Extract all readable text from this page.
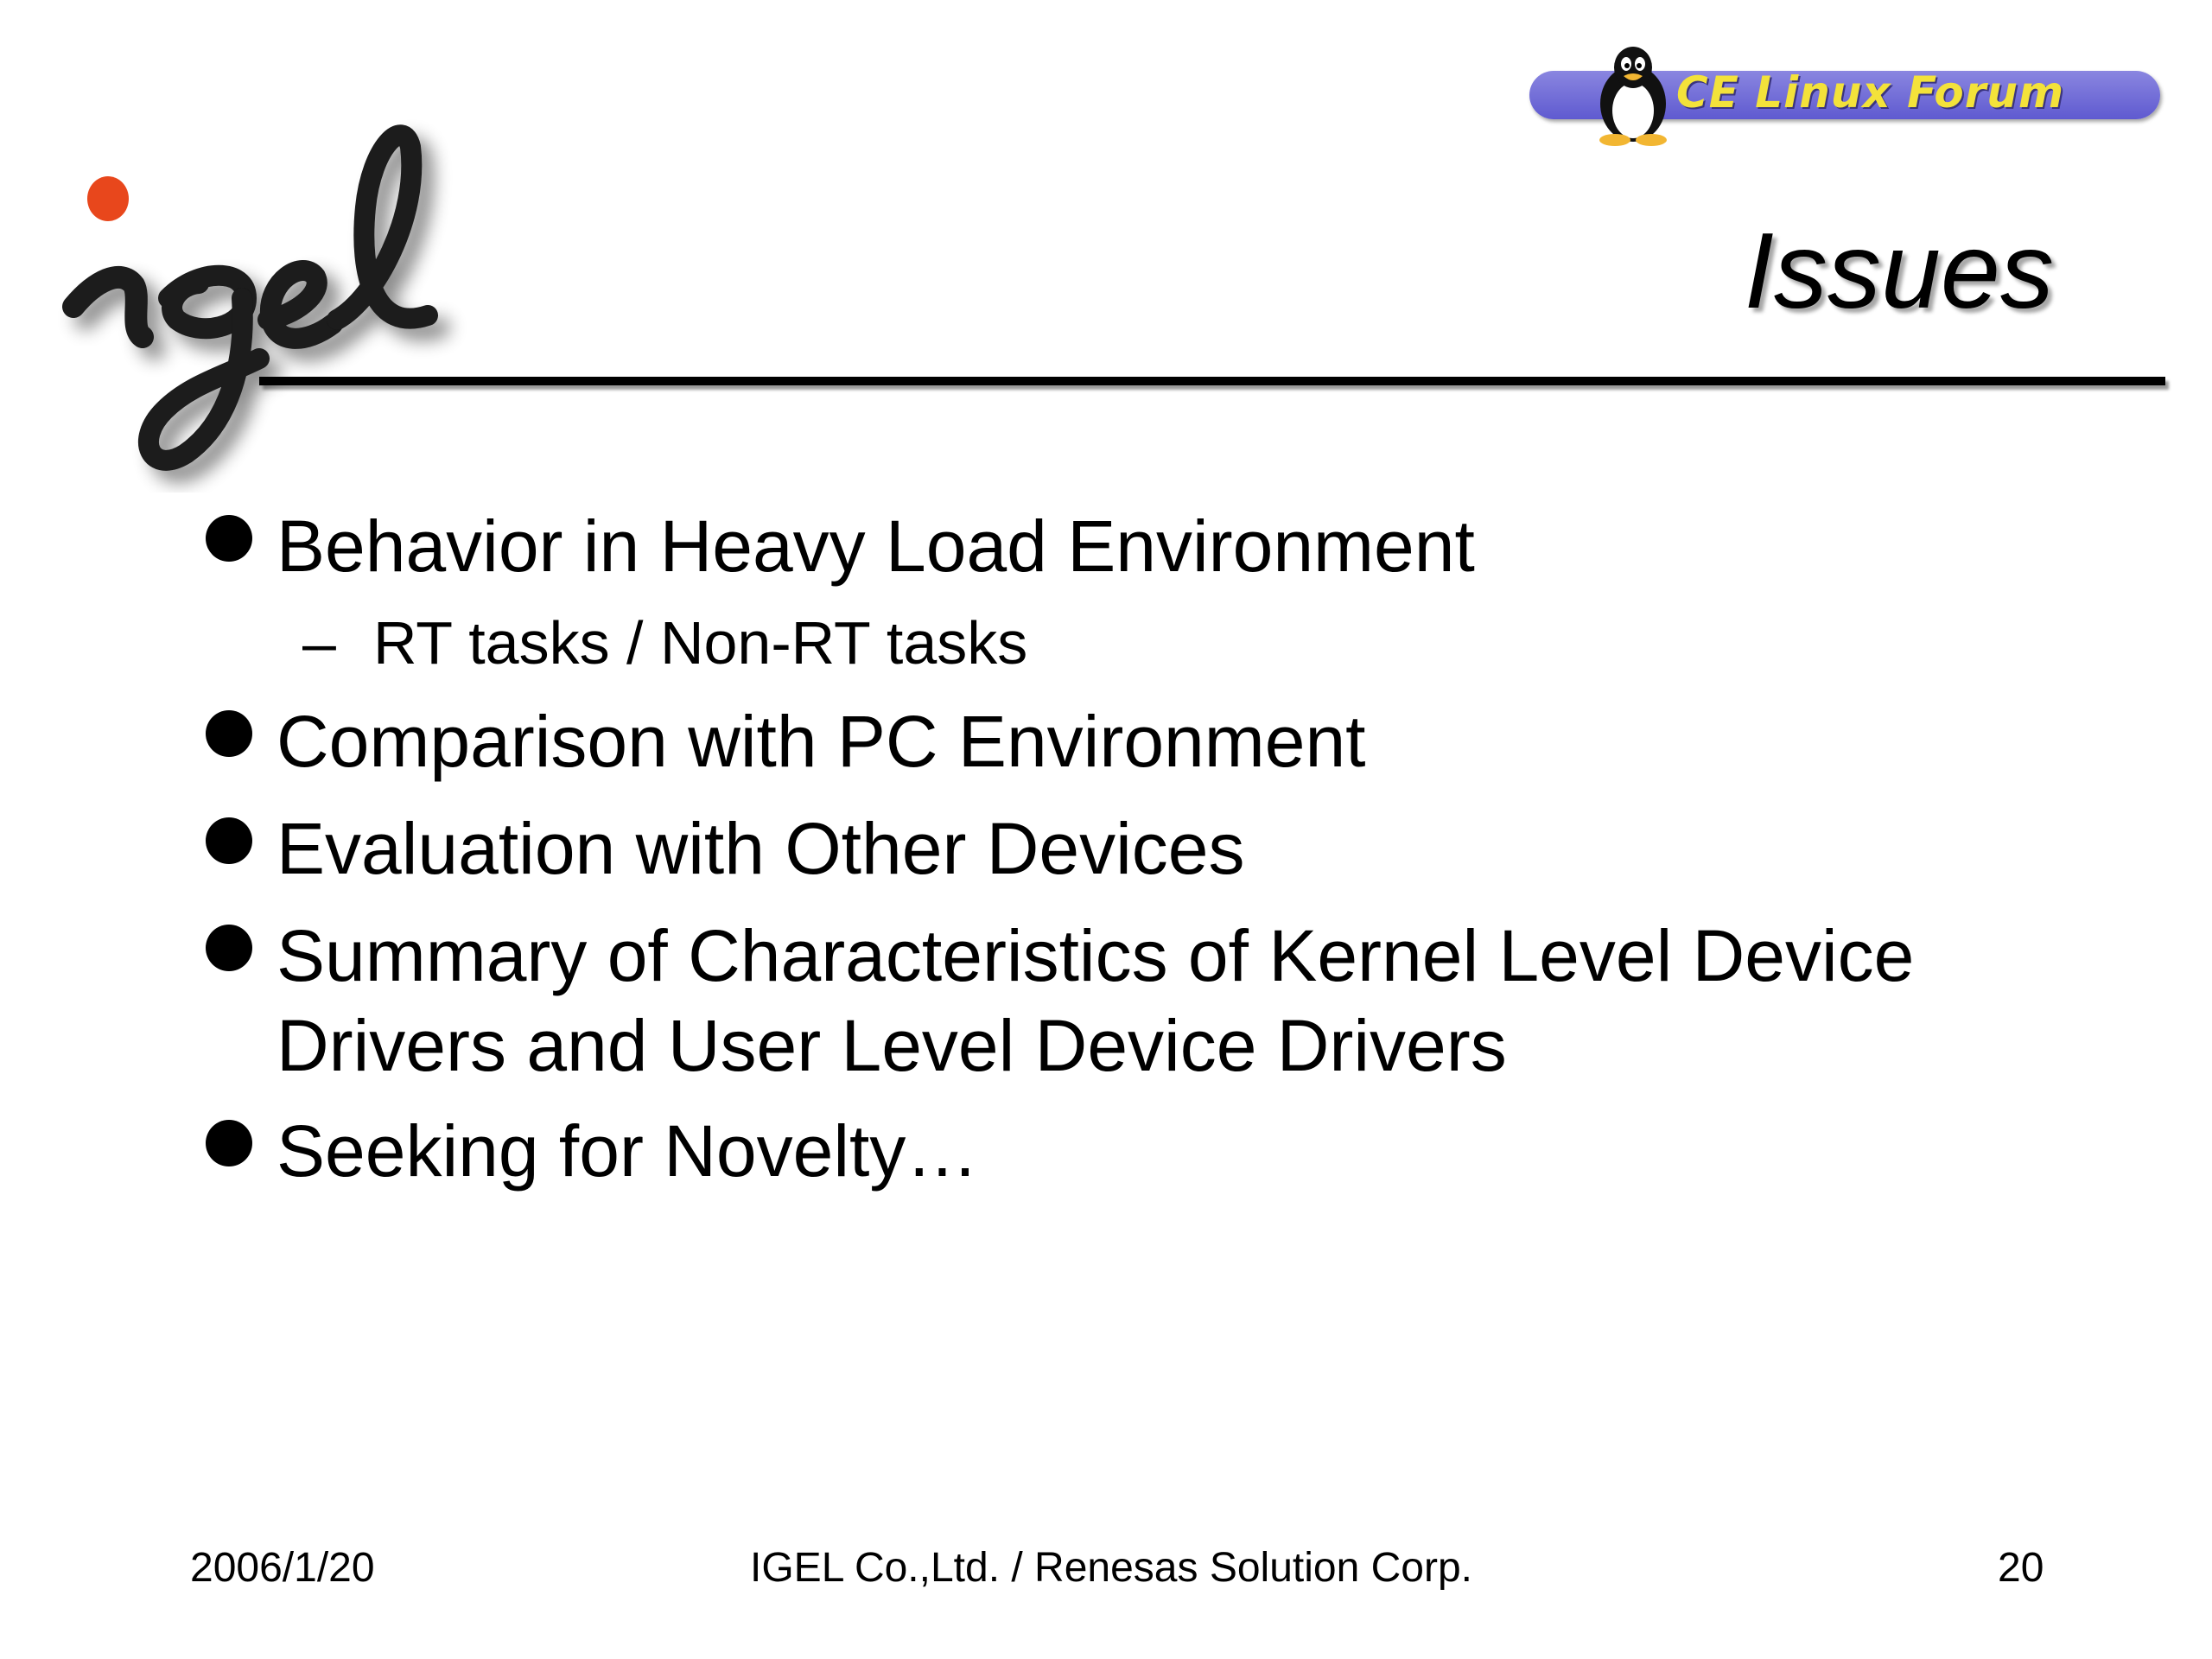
CE Linux Forum
Issues
Behavior in Heavy Load Environment
– RT tasks / Non-RT tasks
Comparison with PC Environment
Evaluation with Other Devices
Summary of Characteristics of Kernel Level Device
Drivers and User Level Device Drivers
Seeking for Novelty…
2006/1/20	IGEL Co.,Ltd. / Renesas Solution Corp.	20
